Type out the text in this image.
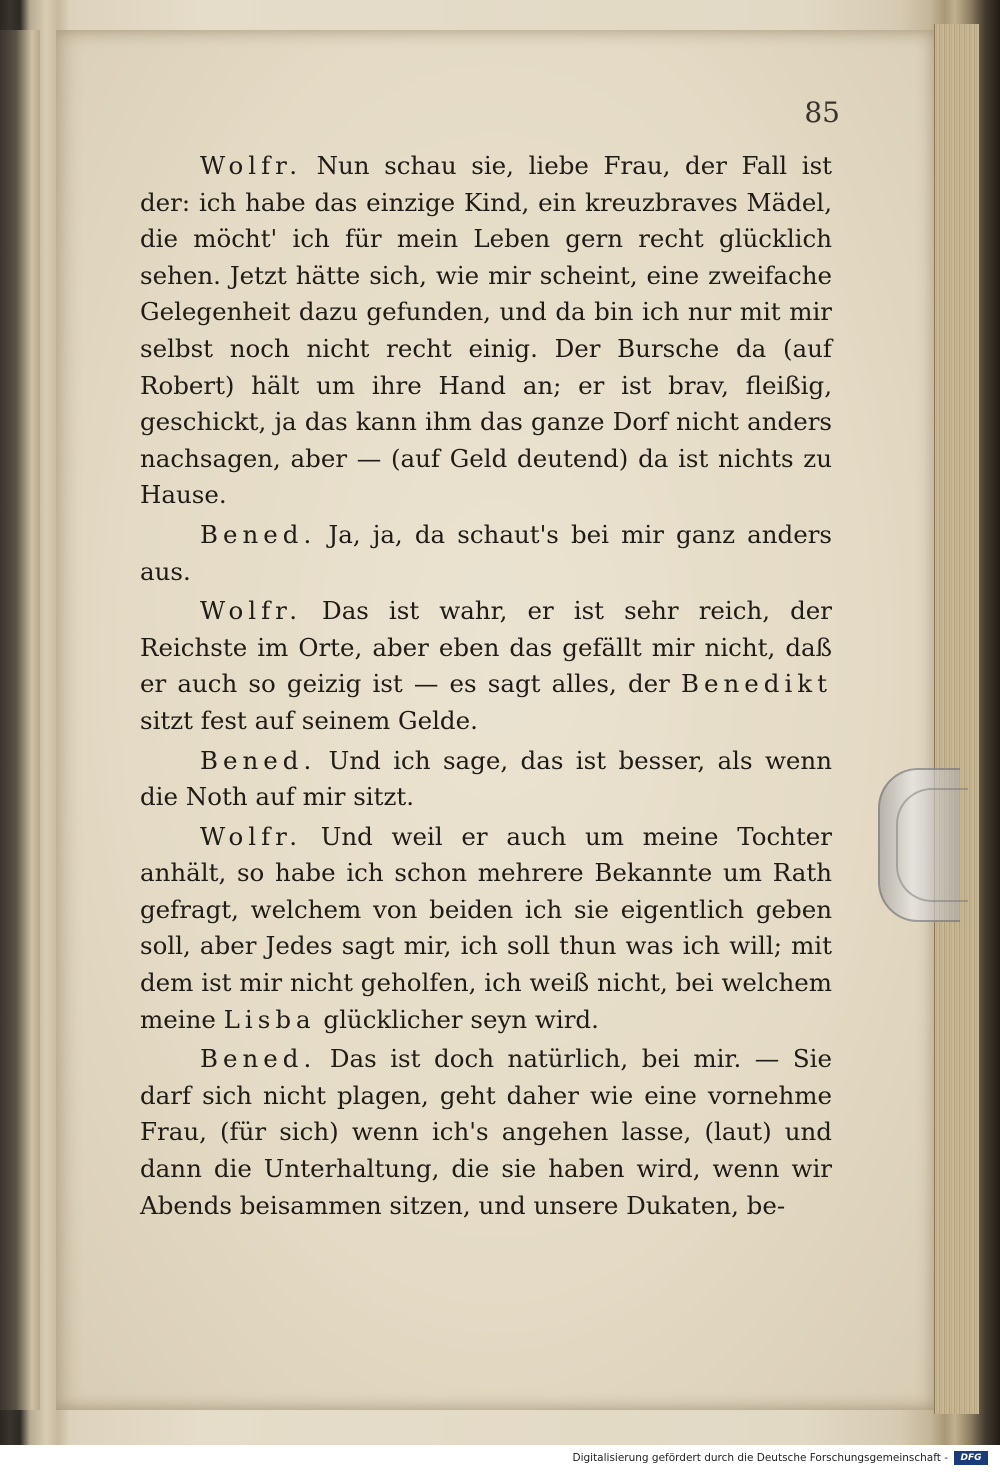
85

Wolfr. Nun schau sie, liebe Frau, der Fall ist der: ich habe das einzige Kind, ein kreuzbraves Mädel, die möcht' ich für mein Leben gern recht glücklich sehen. Jetzt hätte sich, wie mir scheint, eine zweifache Gelegenheit dazu gefunden, und da bin ich nur mit mir selbst noch nicht recht einig. Der Bursche da (auf Robert) hält um ihre Hand an; er ist brav, fleißig, geschickt, ja das kann ihm das ganze Dorf nicht anders nachsagen, aber — (auf Geld deutend) da ist nichts zu Hause.

Bened. Ja, ja, da schaut's bei mir ganz anders aus.

Wolfr. Das ist wahr, er ist sehr reich, der Reichste im Orte, aber eben das gefällt mir nicht, daß er auch so geizig ist — es sagt alles, der Benedikt sitzt fest auf seinem Gelde.

Bened. Und ich sage, das ist besser, als wenn die Noth auf mir sitzt.

Wolfr. Und weil er auch um meine Tochter anhält, so habe ich schon mehrere Bekannte um Rath gefragt, welchem von beiden ich sie eigentlich geben soll, aber Jedes sagt mir, ich soll thun was ich will; mit dem ist mir nicht geholfen, ich weiß nicht, bei welchem meine Lisba glücklicher seyn wird.

Bened. Das ist doch natürlich, bei mir. — Sie darf sich nicht plagen, geht daher wie eine vornehme Frau, (für sich) wenn ich's angehen lasse, (laut) und dann die Unterhaltung, die sie haben wird, wenn wir Abends beisammen sitzen, und unsere Dukaten, be-

Digitalisierung gefördert durch die Deutsche Forschungsgemeinschaft -	DFG
